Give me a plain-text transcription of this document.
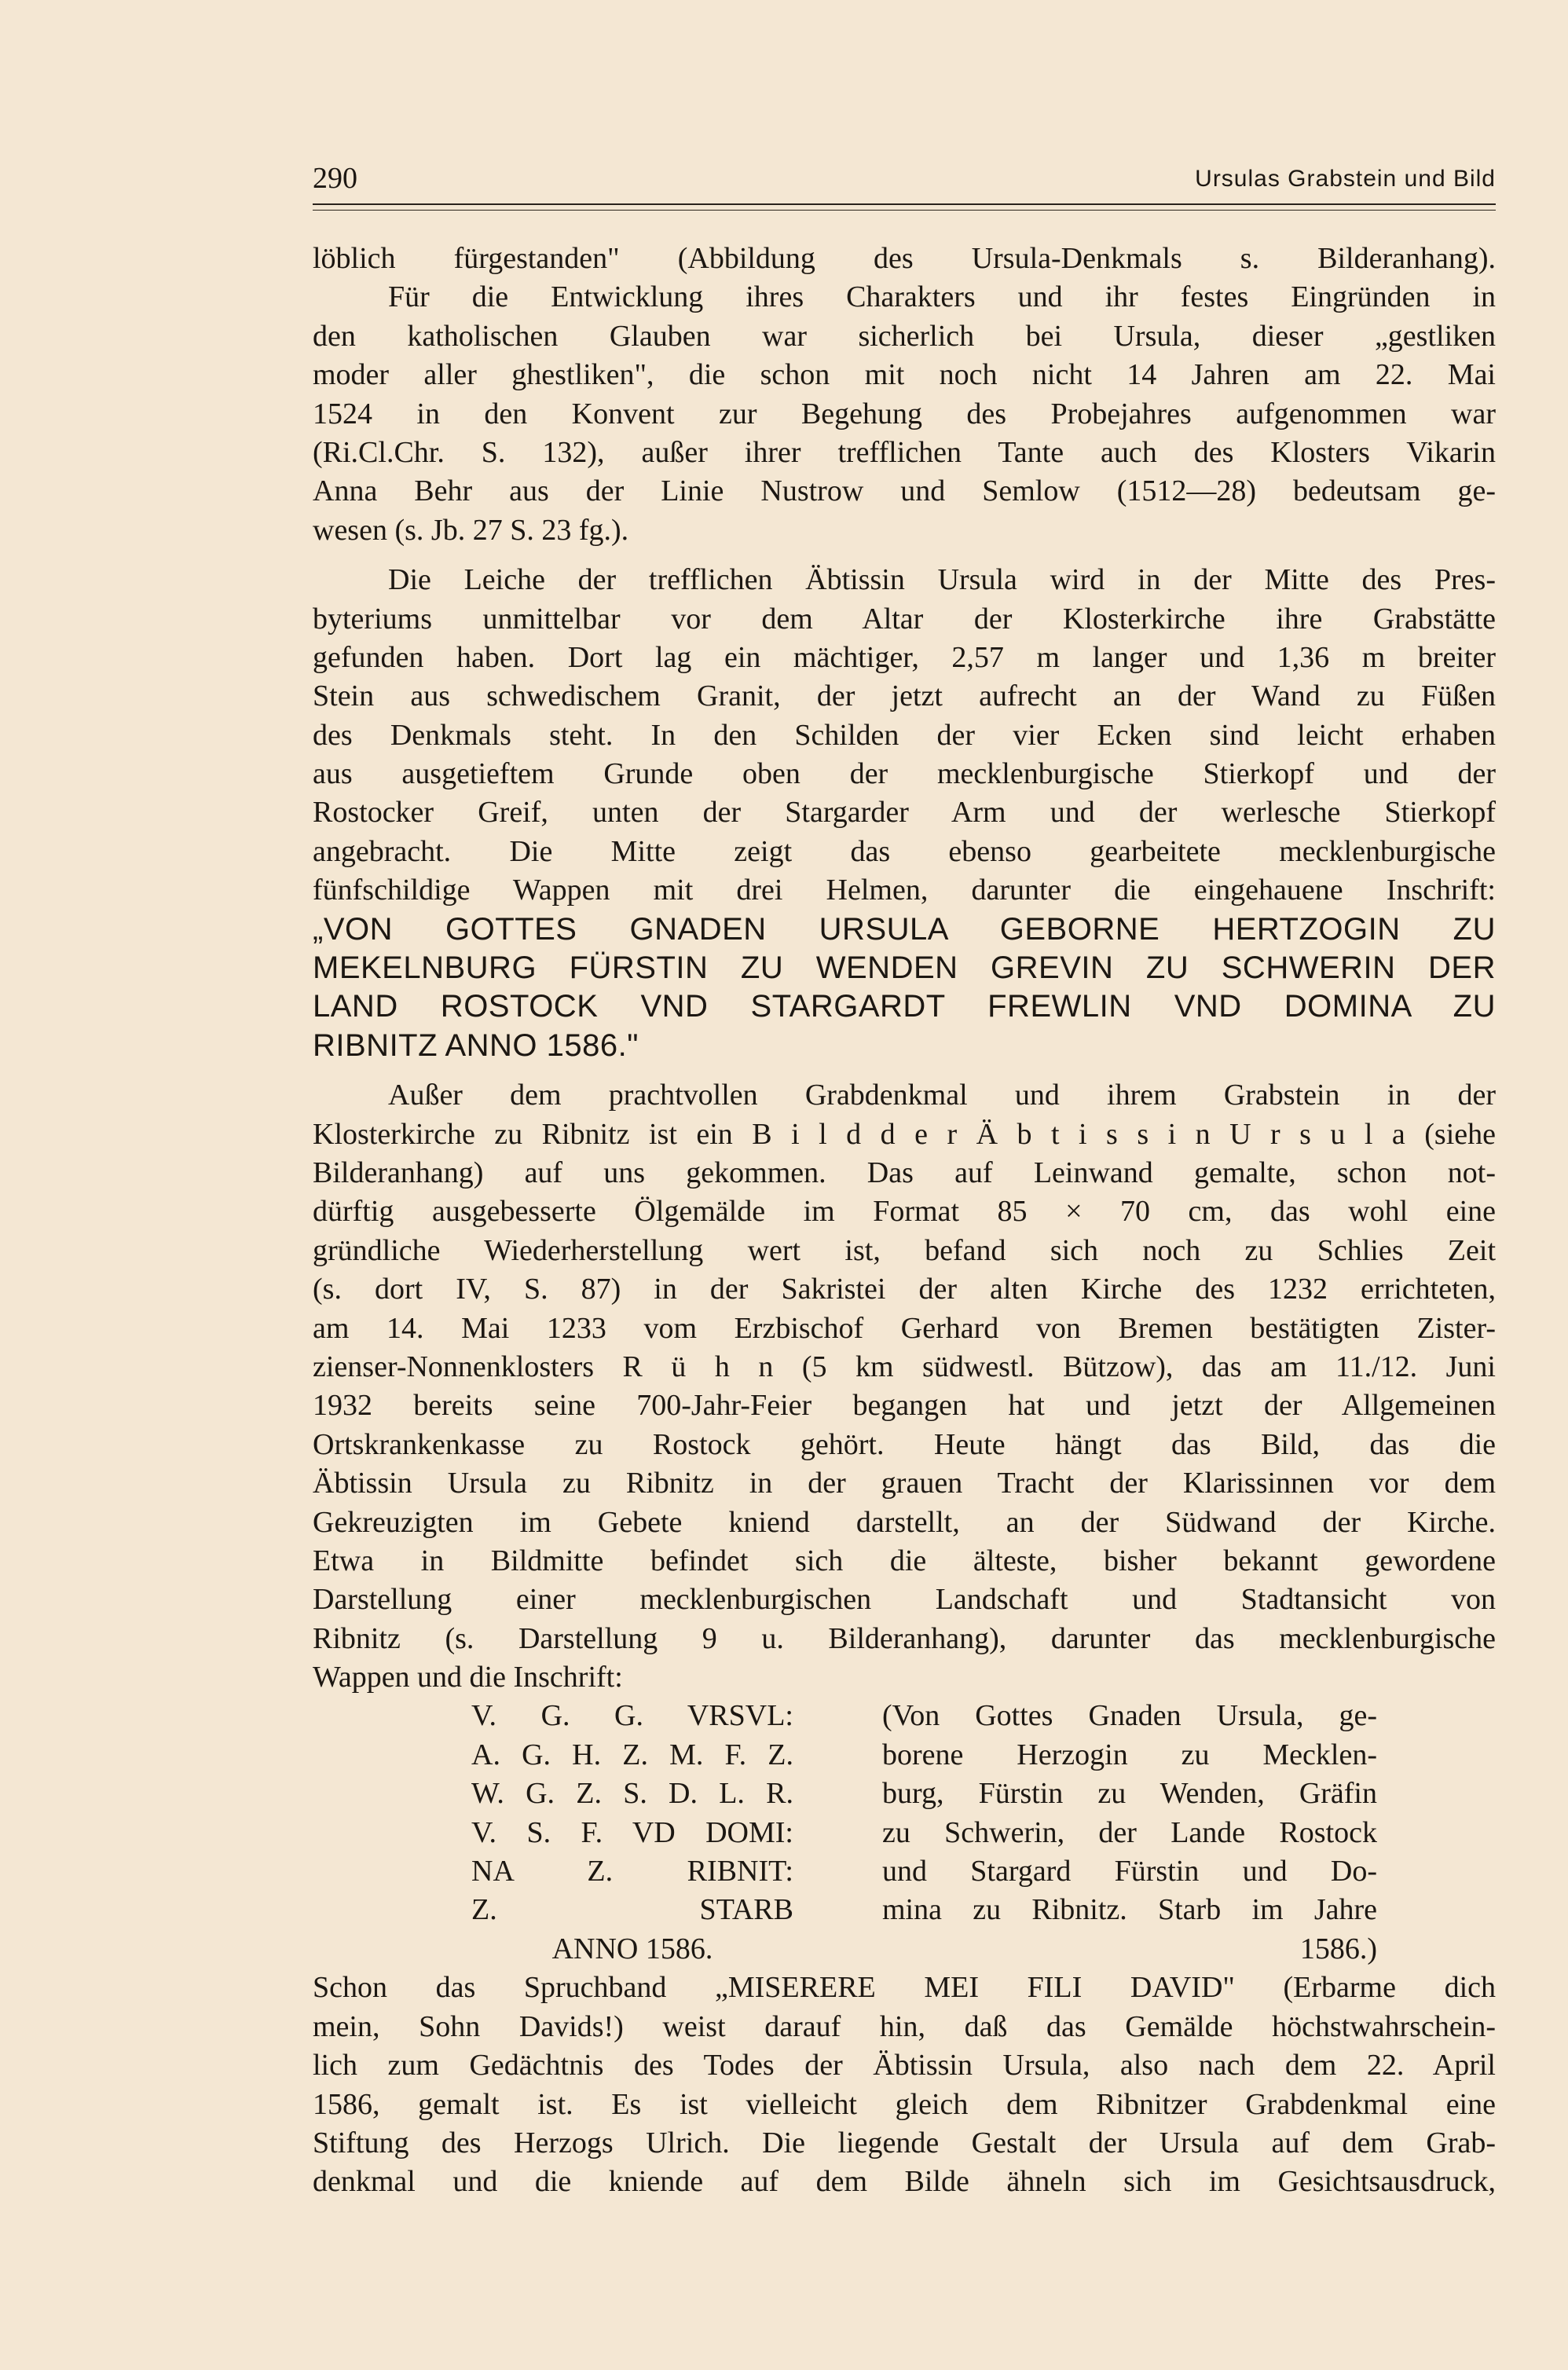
290	Ursulas Grabstein und Bild
löblich fürgestanden" (Abbildung des Ursula-Denkmals s. Bilderanhang).
Für die Entwicklung ihres Charakters und ihr festes Eingründen in
den katholischen Glauben war sicherlich bei Ursula, dieser „gestliken
moder aller ghestliken", die schon mit noch nicht 14 Jahren am 22. Mai
1524 in den Konvent zur Begehung des Probejahres aufgenommen war
(Ri.Cl.Chr. S. 132), außer ihrer trefflichen Tante auch des Klosters Vikarin
Anna Behr aus der Linie Nustrow und Semlow (1512—28) bedeutsam ge-
wesen (s. Jb. 27 S. 23 fg.).
Die Leiche der trefflichen Äbtissin Ursula wird in der Mitte des Pres-
byteriums unmittelbar vor dem Altar der Klosterkirche ihre Grabstätte
gefunden haben. Dort lag ein mächtiger, 2,57 m langer und 1,36 m breiter
Stein aus schwedischem Granit, der jetzt aufrecht an der Wand zu Füßen
des Denkmals steht. In den Schilden der vier Ecken sind leicht erhaben
aus ausgetieftem Grunde oben der mecklenburgische Stierkopf und der
Rostocker Greif, unten der Stargarder Arm und der werlesche Stierkopf
angebracht. Die Mitte zeigt das ebenso gearbeitete mecklenburgische
fünfschildige Wappen mit drei Helmen, darunter die eingehauene Inschrift:
„VON GOTTES GNADEN URSULA GEBORNE HERTZOGIN ZU
MEKELNBURG FÜRSTIN ZU WENDEN GREVIN ZU SCHWERIN DER
LAND ROSTOCK VND STARGARDT FREWLIN VND DOMINA ZU
RIBNITZ ANNO 1586."
Außer dem prachtvollen Grabdenkmal und ihrem Grabstein in der
Klosterkirche zu Ribnitz ist ein B i l d d e r Ä b t i s s i n U r s u l a (siehe
Bilderanhang) auf uns gekommen. Das auf Leinwand gemalte, schon not-
dürftig ausgebesserte Ölgemälde im Format 85 × 70 cm, das wohl eine
gründliche Wiederherstellung wert ist, befand sich noch zu Schlies Zeit
(s. dort IV, S. 87) in der Sakristei der alten Kirche des 1232 errichteten,
am 14. Mai 1233 vom Erzbischof Gerhard von Bremen bestätigten Zister-
zienser-Nonnenklosters R ü h n (5 km südwestl. Bützow), das am 11./12. Juni
1932 bereits seine 700-Jahr-Feier begangen hat und jetzt der Allgemeinen
Ortskrankenkasse zu Rostock gehört. Heute hängt das Bild, das die
Äbtissin Ursula zu Ribnitz in der grauen Tracht der Klarissinnen vor dem
Gekreuzigten im Gebete kniend darstellt, an der Südwand der Kirche.
Etwa in Bildmitte befindet sich die älteste, bisher bekannt gewordene
Darstellung einer mecklenburgischen Landschaft und Stadtansicht von
Ribnitz (s. Darstellung 9 u. Bilderanhang), darunter das mecklenburgische
Wappen und die Inschrift:
V. G. G. VRSVL:
A. G. H. Z. M. F. Z.
W. G. Z. S. D. L. R.
V. S. F. VD DOMI:
NA Z. RIBNIT:
Z. STARB
ANNO 1586.
(Von Gottes Gnaden Ursula, ge-
borene Herzogin zu Mecklen-
burg, Fürstin zu Wenden, Gräfin
zu Schwerin, der Lande Rostock
und Stargard Fürstin und Do-
mina zu Ribnitz. Starb im Jahre
1586.)
Schon das Spruchband „MISERERE MEI FILI DAVID" (Erbarme dich
mein, Sohn Davids!) weist darauf hin, daß das Gemälde höchstwahrschein-
lich zum Gedächtnis des Todes der Äbtissin Ursula, also nach dem 22. April
1586, gemalt ist. Es ist vielleicht gleich dem Ribnitzer Grabdenkmal eine
Stiftung des Herzogs Ulrich. Die liegende Gestalt der Ursula auf dem Grab-
denkmal und die kniende auf dem Bilde ähneln sich im Gesichtsausdruck,
